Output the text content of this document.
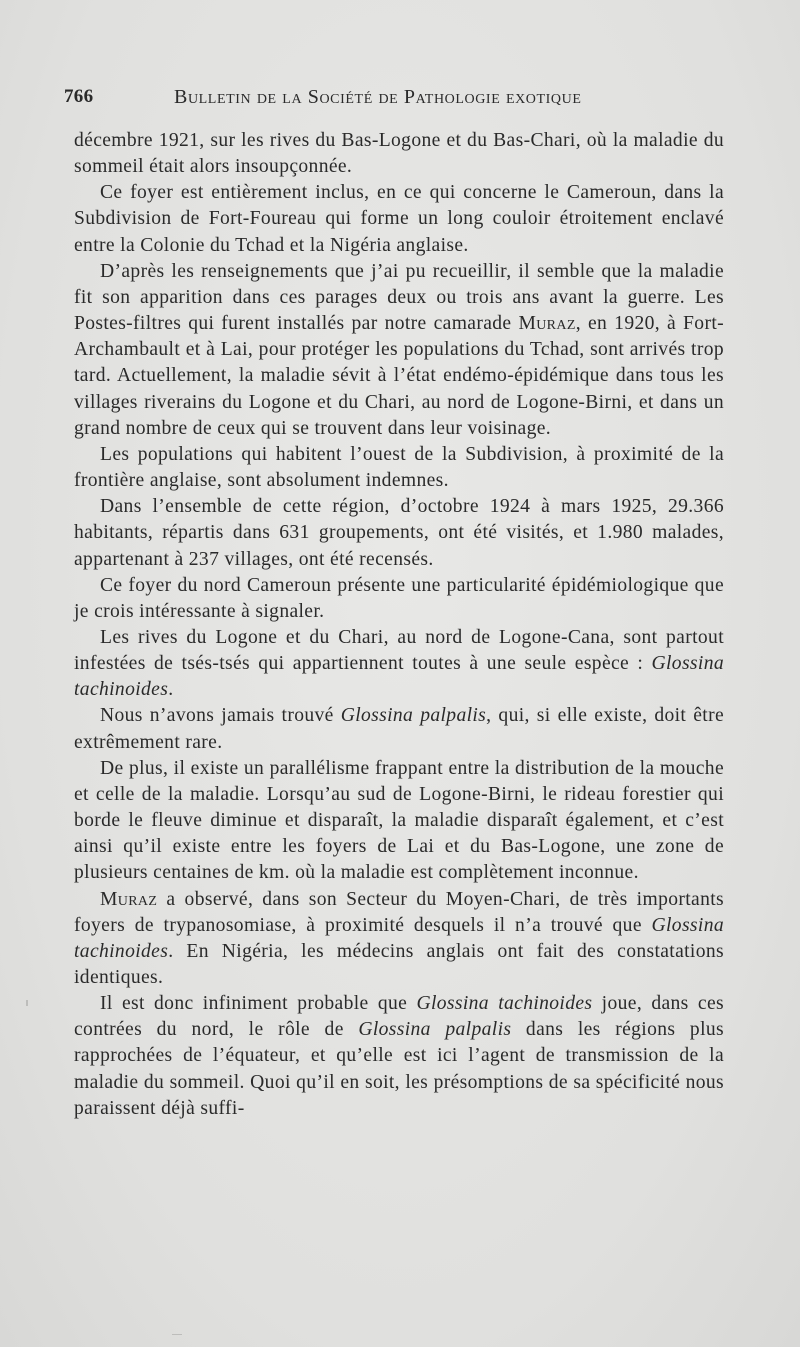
766	Bulletin de la Société de Pathologie exotique

décembre 1921, sur les rives du Bas-Logone et du Bas-Chari, où la maladie du sommeil était alors insoupçonnée.

Ce foyer est entièrement inclus, en ce qui concerne le Cameroun, dans la Subdivision de Fort-Foureau qui forme un long couloir étroitement enclavé entre la Colonie du Tchad et la Nigéria anglaise.

D’après les renseignements que j’ai pu recueillir, il semble que la maladie fit son apparition dans ces parages deux ou trois ans avant la guerre. Les Postes-filtres qui furent installés par notre camarade Muraz, en 1920, à Fort-Archambault et à Lai, pour protéger les populations du Tchad, sont arrivés trop tard. Actuellement, la maladie sévit à l’état endémo-épidémique dans tous les villages riverains du Logone et du Chari, au nord de Logone-Birni, et dans un grand nombre de ceux qui se trouvent dans leur voisinage.

Les populations qui habitent l’ouest de la Subdivision, à proximité de la frontière anglaise, sont absolument indemnes.

Dans l’ensemble de cette région, d’octobre 1924 à mars 1925, 29.366 habitants, répartis dans 631 groupements, ont été visités, et 1.980 malades, appartenant à 237 villages, ont été recensés.

Ce foyer du nord Cameroun présente une particularité épidémiologique que je crois intéressante à signaler.

Les rives du Logone et du Chari, au nord de Logone-Cana, sont partout infestées de tsés-tsés qui appartiennent toutes à une seule espèce : Glossina tachinoides.

Nous n’avons jamais trouvé Glossina palpalis, qui, si elle existe, doit être extrêmement rare.

De plus, il existe un parallélisme frappant entre la distribution de la mouche et celle de la maladie. Lorsqu’au sud de Logone-Birni, le rideau forestier qui borde le fleuve diminue et disparaît, la maladie disparaît également, et c’est ainsi qu’il existe entre les foyers de Lai et du Bas-Logone, une zone de plusieurs centaines de km. où la maladie est complètement inconnue.

Muraz a observé, dans son Secteur du Moyen-Chari, de très importants foyers de trypanosomiase, à proximité desquels il n’a trouvé que Glossina tachinoides. En Nigéria, les médecins anglais ont fait des constatations identiques.

Il est donc infiniment probable que Glossina tachinoides joue, dans ces contrées du nord, le rôle de Glossina palpalis dans les régions plus rapprochées de l’équateur, et qu’elle est ici l’agent de transmission de la maladie du sommeil. Quoi qu’il en soit, les présomptions de sa spécificité nous paraissent déjà suffi-
